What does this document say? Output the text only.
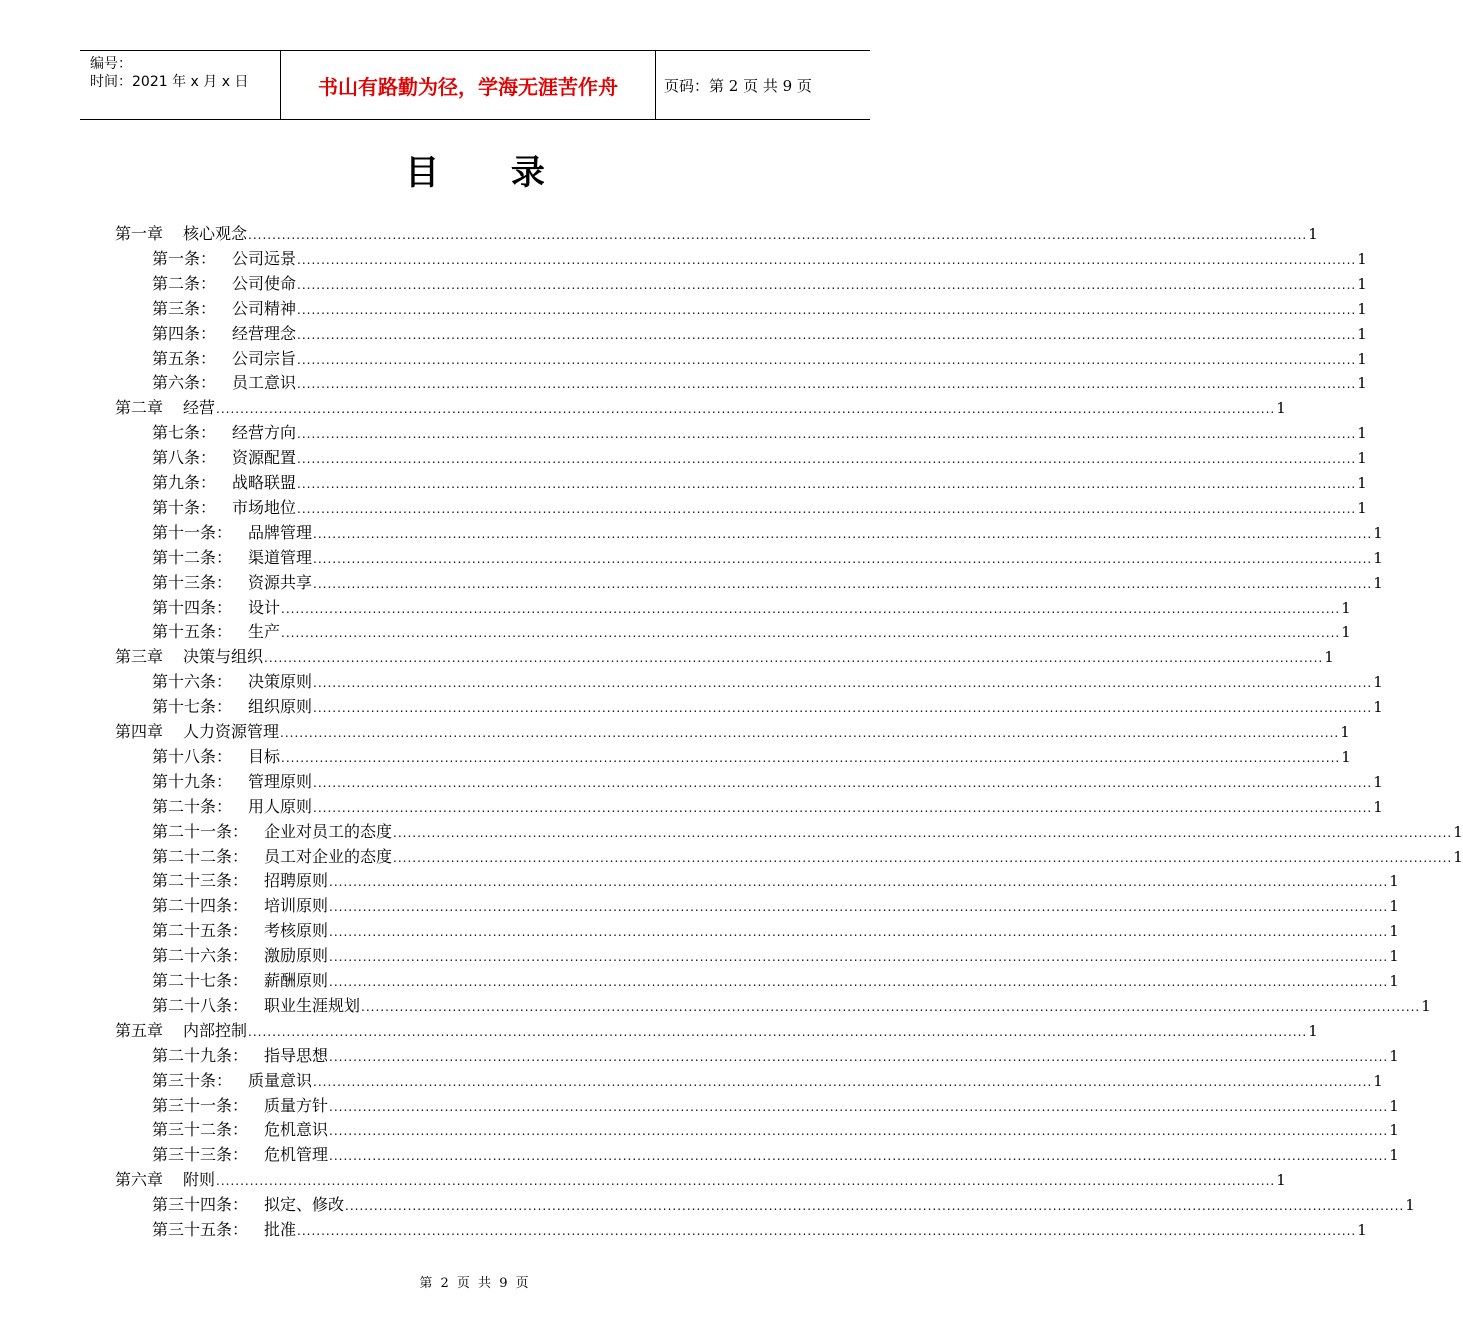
编号：
时间：2021 年 x 月 x 日	书山有路勤为径，学海无涯苦作舟	页码：第 2 页 共 9 页
目 录
第一章 核心观念 ............................................................................................................................................................................................................................ 1
第一条： 公司远景 ............................................................................................................................................................................................................................ 1
第二条： 公司使命 ............................................................................................................................................................................................................................ 1
第三条： 公司精神 ............................................................................................................................................................................................................................ 1
第四条： 经营理念 ............................................................................................................................................................................................................................ 1
第五条： 公司宗旨 ............................................................................................................................................................................................................................ 1
第六条： 员工意识 ............................................................................................................................................................................................................................ 1
第二章 经营 ............................................................................................................................................................................................................................ 1
第七条： 经营方向 ............................................................................................................................................................................................................................ 1
第八条： 资源配置 ............................................................................................................................................................................................................................ 1
第九条： 战略联盟 ............................................................................................................................................................................................................................ 1
第十条： 市场地位 ............................................................................................................................................................................................................................ 1
第十一条： 品牌管理 ............................................................................................................................................................................................................................ 1
第十二条： 渠道管理 ............................................................................................................................................................................................................................ 1
第十三条： 资源共享 ............................................................................................................................................................................................................................ 1
第十四条： 设计 ............................................................................................................................................................................................................................ 1
第十五条： 生产 ............................................................................................................................................................................................................................ 1
第三章 决策与组织 ............................................................................................................................................................................................................................ 1
第十六条： 决策原则 ............................................................................................................................................................................................................................ 1
第十七条： 组织原则 ............................................................................................................................................................................................................................ 1
第四章 人力资源管理 ............................................................................................................................................................................................................................ 1
第十八条： 目标 ............................................................................................................................................................................................................................ 1
第十九条： 管理原则 ............................................................................................................................................................................................................................ 1
第二十条： 用人原则 ............................................................................................................................................................................................................................ 1
第二十一条： 企业对员工的态度 ............................................................................................................................................................................................................................ 1
第二十二条： 员工对企业的态度 ............................................................................................................................................................................................................................ 1
第二十三条： 招聘原则 ............................................................................................................................................................................................................................ 1
第二十四条： 培训原则 ............................................................................................................................................................................................................................ 1
第二十五条： 考核原则 ............................................................................................................................................................................................................................ 1
第二十六条： 激励原则 ............................................................................................................................................................................................................................ 1
第二十七条： 薪酬原则 ............................................................................................................................................................................................................................ 1
第二十八条： 职业生涯规划 ............................................................................................................................................................................................................................ 1
第五章 内部控制 ............................................................................................................................................................................................................................ 1
第二十九条： 指导思想 ............................................................................................................................................................................................................................ 1
第三十条： 质量意识 ............................................................................................................................................................................................................................ 1
第三十一条： 质量方针 ............................................................................................................................................................................................................................ 1
第三十二条： 危机意识 ............................................................................................................................................................................................................................ 1
第三十三条： 危机管理 ............................................................................................................................................................................................................................ 1
第六章 附则 ............................................................................................................................................................................................................................ 1
第三十四条： 拟定、修改 ............................................................................................................................................................................................................................ 1
第三十五条： 批准 ............................................................................................................................................................................................................................ 1
第 2 页 共 9 页
